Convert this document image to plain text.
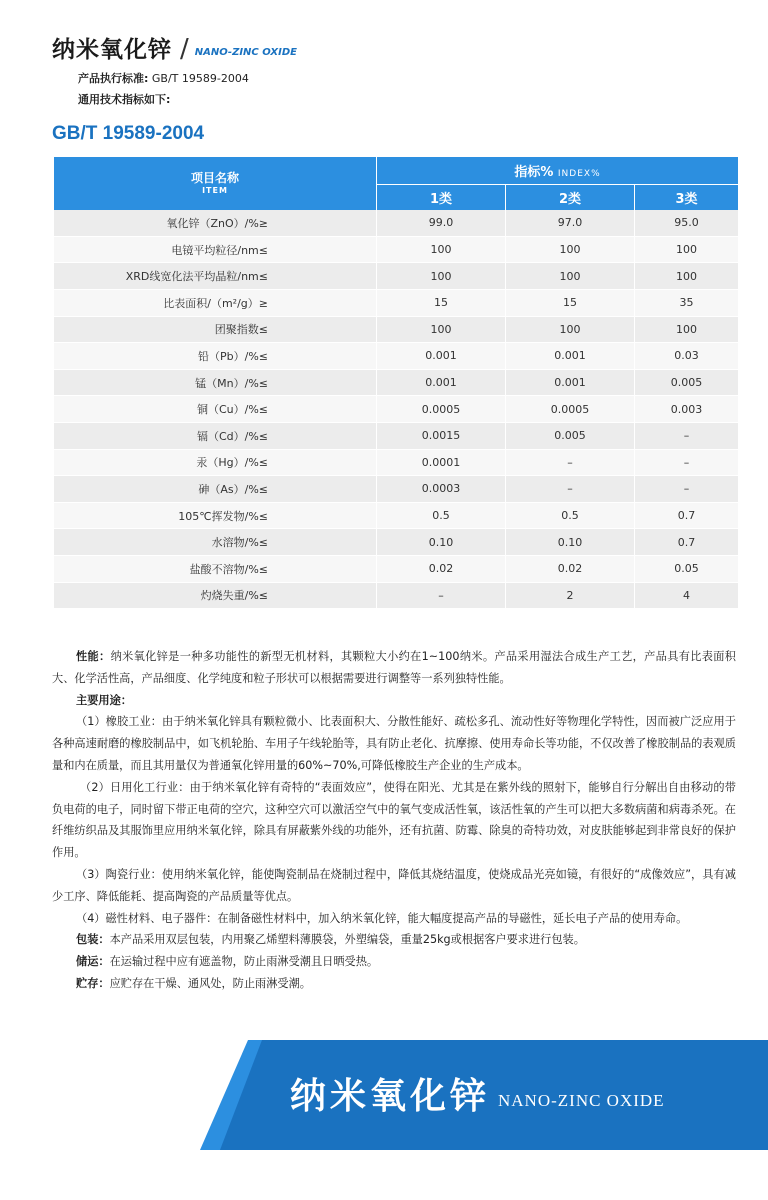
纳米氧化锌 / NANO-ZINC OXIDE
产品执行标准: GB/T 19589-2004
通用技术指标如下:
GB/T 19589-2004
项目名称
ITEM	指标% INDEX%		
	1类	2类	3类
氧化锌（ZnO）/%≥	99.0	97.0	95.0
电镜平均粒径/nm≤	100	100	100
XRD线宽化法平均晶粒/nm≤	100	100	100
比表面积/（m²/g）≥	15	15	35
团聚指数≤	100	100	100
铅（Pb）/%≤	0.001	0.001	0.03
锰（Mn）/%≤	0.001	0.001	0.005
铜（Cu）/%≤	0.0005	0.0005	0.003
镉（Cd）/%≤	0.0015	0.005	–
汞（Hg）/%≤	0.0001	–	–
砷（As）/%≤	0.0003	–	–
105℃挥发物/%≤	0.5	0.5	0.7
水溶物/%≤	0.10	0.10	0.7
盐酸不溶物/%≤	0.02	0.02	0.05
灼烧失重/%≤	–	2	4

性能：纳米氧化锌是一种多功能性的新型无机材料，其颗粒大小约在1~100纳米。产品采用湿法合成生产工艺，产品具有比表面积大、化学活性高，产品细度、化学纯度和粒子形状可以根据需要进行调整等一系列独特性能。

主要用途：

（1）橡胶工业：由于纳米氧化锌具有颗粒微小、比表面积大、分散性能好、疏松多孔、流动性好等物理化学特性，因而被广泛应用于各种高速耐磨的橡胶制品中，如飞机轮胎、车用子午线轮胎等，具有防止老化、抗摩擦、使用寿命长等功能，不仅改善了橡胶制品的表观质量和内在质量，而且其用量仅为普通氧化锌用量的60%~70%,可降低橡胶生产企业的生产成本。

（2）日用化工行业：由于纳米氧化锌有奇特的“表面效应”，使得在阳光、尤其是在紫外线的照射下，能够自行分解出自由移动的带负电荷的电子，同时留下带正电荷的空穴，这种空穴可以激活空气中的氧气变成活性氧，该活性氧的产生可以把大多数病菌和病毒杀死。在纤维纺织品及其服饰里应用纳米氧化锌，除具有屏蔽紫外线的功能外，还有抗菌、防霉、除臭的奇特功效，对皮肤能够起到非常良好的保护作用。

（3）陶瓷行业：使用纳米氧化锌，能使陶瓷制品在烧制过程中，降低其烧结温度，使烧成品光亮如镜，有很好的“成像效应”，具有减少工序、降低能耗、提高陶瓷的产品质量等优点。

（4）磁性材料、电子器件：在制备磁性材料中，加入纳米氧化锌，能大幅度提高产品的导磁性，延长电子产品的使用寿命。

包装：本产品采用双层包装，内用聚乙烯塑料薄膜袋，外塑编袋，重量25kg或根据客户要求进行包装。

储运：在运输过程中应有遮盖物，防止雨淋受潮且日晒受热。

贮存：应贮存在干燥、通风处，防止雨淋受潮。

纳米氧化锌 NANO-ZINC OXIDE
